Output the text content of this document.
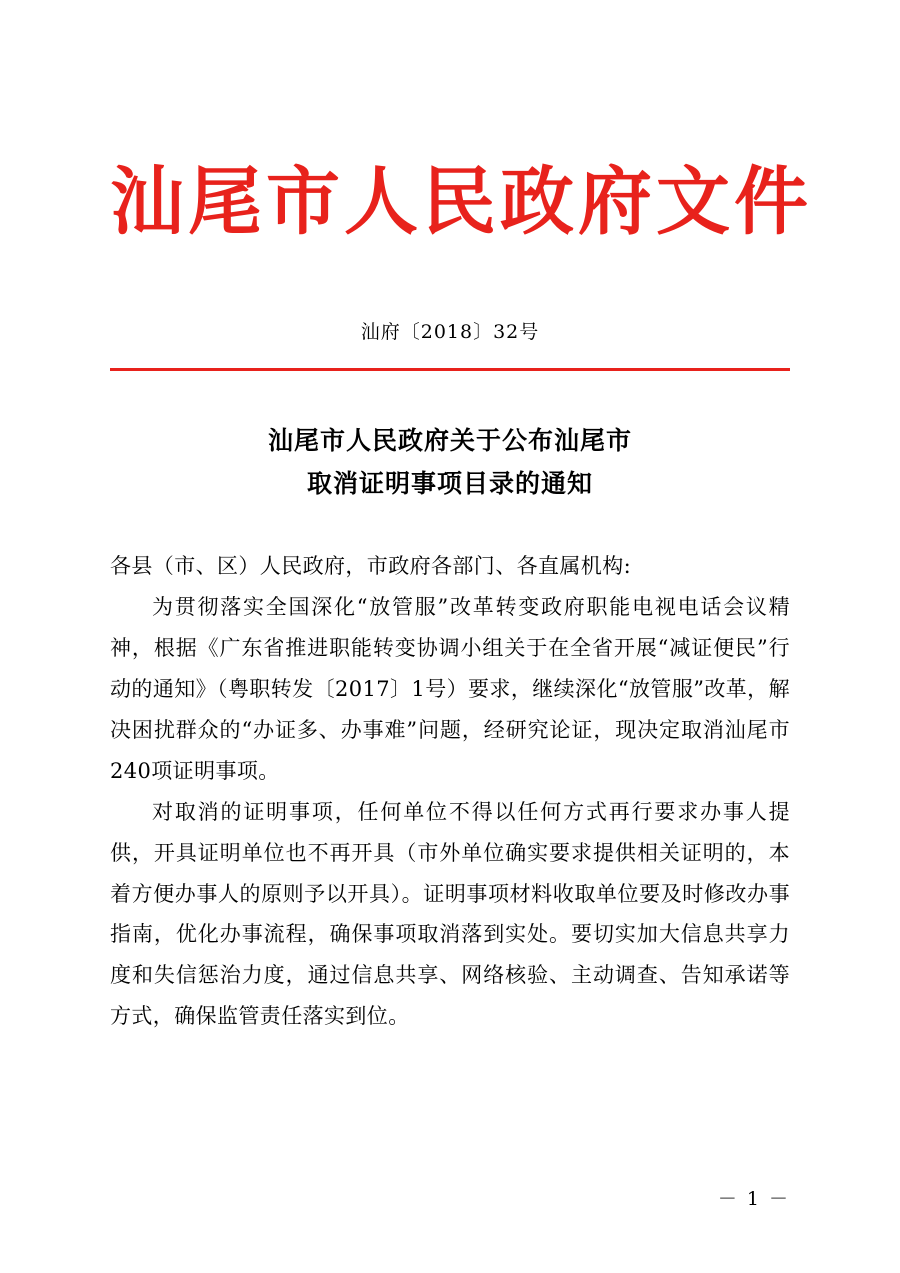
汕尾市人民政府文件
汕府〔2018〕32号
汕尾市人民政府关于公布汕尾市
取消证明事项目录的通知

各县（市、区）人民政府，市政府各部门、各直属机构:

为贯彻落实全国深化“放管服”改革转变政府职能电视电话会议精神，根据《广东省推进职能转变协调小组关于在全省开展“减证便民”行动的通知》（粤职转发〔2017〕1号）要求，继续深化“放管服”改革，解决困扰群众的“办证多、办事难”问题，经研究论证，现决定取消汕尾市240项证明事项。

对取消的证明事项，任何单位不得以任何方式再行要求办事人提供，开具证明单位也不再开具（市外单位确实要求提供相关证明的，本着方便办事人的原则予以开具）。证明事项材料收取单位要及时修改办事指南，优化办事流程，确保事项取消落到实处。要切实加大信息共享力度和失信惩治力度，通过信息共享、网络核验、主动调查、告知承诺等方式，确保监管责任落实到位。

－ 1 －
